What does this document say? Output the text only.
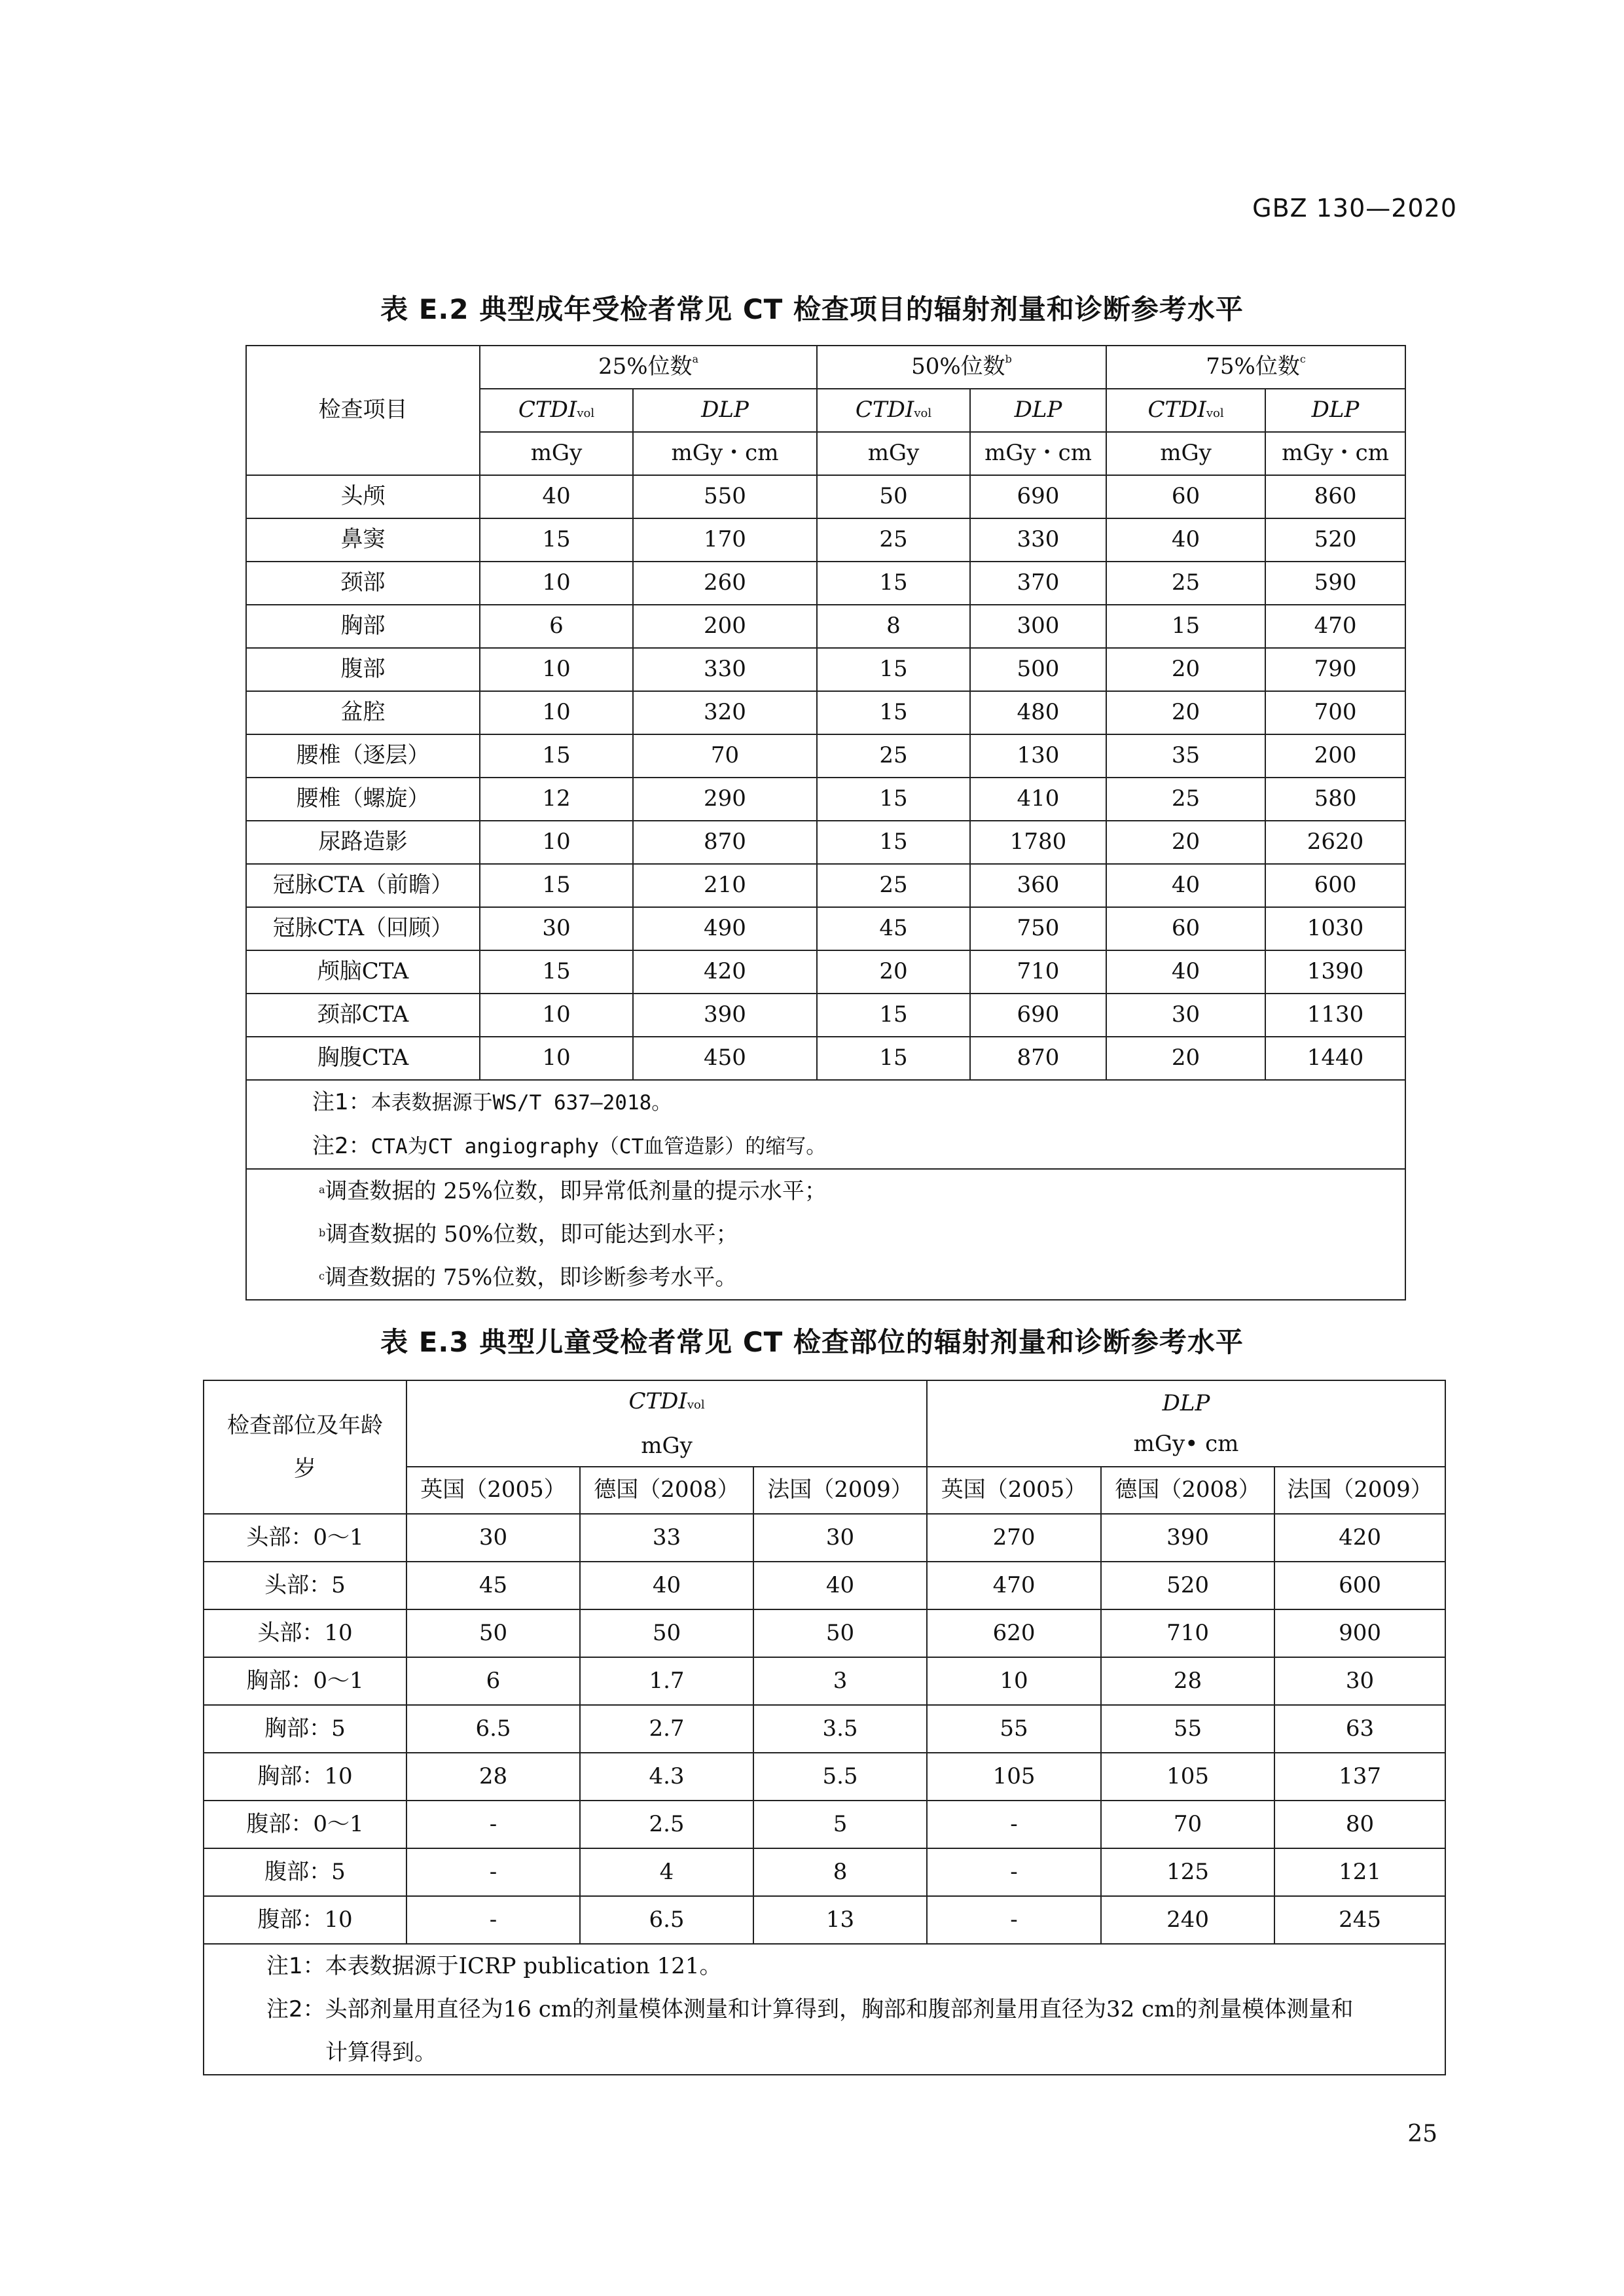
GBZ 130—2020
表 E.2 典型成年受检者常见 CT 检查项目的辐射剂量和诊断参考水平
检查项目	25%位数$^a$		50%位数$^b$		75%位数$^c$
	CTDIvol	DLP	CTDIvol	DLP	CTDIvol	DLP
	mGy	mGy・cm	mGy	mGy・cm	mGy	mGy・cm
头颅	40	550	50	690	60	860
鼻窦	15	170	25	330	40	520
颈部	10	260	15	370	25	590
胸部	6	200	8	300	15	470
腹部	10	330	15	500	20	790
盆腔	10	320	15	480	20	700
腰椎（逐层）	15	70	25	130	35	200
腰椎（螺旋）	12	290	15	410	25	580
尿路造影	10	870	15	1780	20	2620
冠脉CTA（前瞻）	15	210	25	360	40	600
冠脉CTA（回顾）	30	490	45	750	60	1030
颅脑CTA	15	420	20	710	40	1390
颈部CTA	10	390	15	690	30	1130
胸腹CTA	10	450	15	870	20	1440

注1：本表数据源于WS/T 637—2018。
注2：CTA为CT angiography（CT血管造影）的缩写。						

$^a$调查数据的 25%位数，即异常低剂量的提示水平；
$^b$调查数据的 50%位数，即可能达到水平；
$^c$调查数据的 75%位数，即诊断参考水平。						
表 E.3 典型儿童受检者常见 CT 检查部位的辐射剂量和诊断参考水平
检查部位及年龄
岁	CTDIvol
mGy			DLP
mGy• cm		
	英国（2005）	德国（2008）	法国（2009）	英国（2005）	德国（2008）	法国（2009）
头部：0～1	30	33	30	270	390	420
头部：5	45	40	40	470	520	600
头部：10	50	50	50	620	710	900
胸部：0～1	6	1.7	3	10	28	30
胸部：5	6.5	2.7	3.5	55	55	63
胸部：10	28	4.3	5.5	105	105	137
腹部：0～1	-	2.5	5	-	70	80
腹部：5	-	4	8	-	125	121
腹部：10	-	6.5	13	-	240	245

注1：本表数据源于ICRP publication 121。
注2：头部剂量用直径为16 cm的剂量模体测量和计算得到，胸部和腹部剂量用直径为32 cm的剂量模体测量和
计算得到。						
25
